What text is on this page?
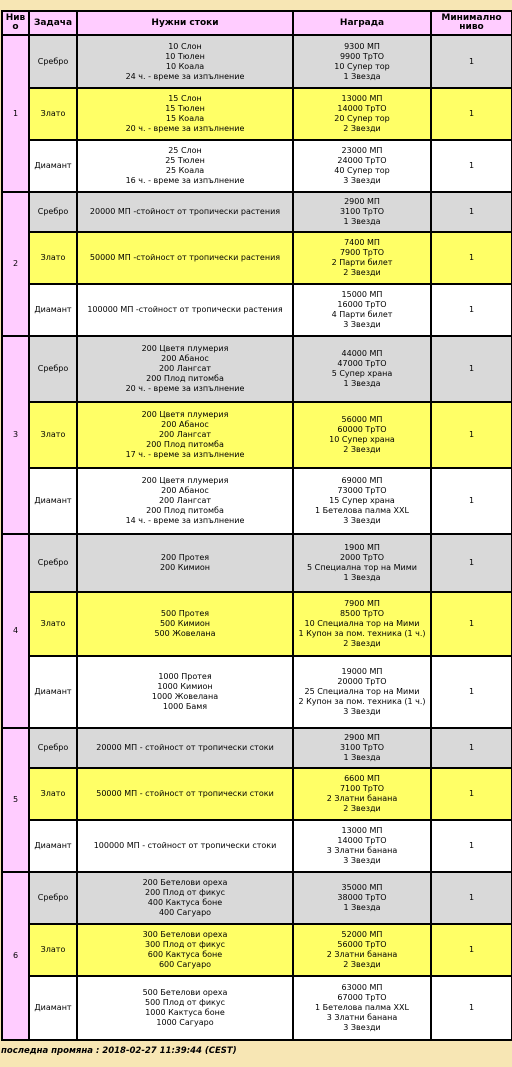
Ниво	Задача	Нужни стоки	Награда	Минимално ниво
1	Сребро	10 Слон
10 Тюлен
10 Коала
24 ч. - време за изпълнение	9300 МП
9900 ТрТО
10 Супер тор
1 Звезда	1
	Злато	15 Слон
15 Тюлен
15 Коала
20 ч. - време за изпълнение	13000 МП
14000 ТрТО
20 Супер тор
2 Звезди	1
	Диамант	25 Слон
25 Тюлен
25 Коала
16 ч. - време за изпълнение	23000 МП
24000 ТрТО
40 Супер тор
3 Звезди	1
2	Сребро	20000 МП -стойност от тропически растения	2900 МП
3100 ТрТО
1 Звезда	1
	Злато	50000 МП -стойност от тропически растения	7400 МП
7900 ТрТО
2 Парти билет
2 Звезди	1
	Диамант	100000 МП -стойност от тропически растения	15000 МП
16000 ТрТО
4 Парти билет
3 Звезди	1
3	Сребро	200 Цветя плумерия
200 Абанос
200 Лангсат
200 Плод питомба
20 ч. - време за изпълнение	44000 МП
47000 ТрТО
5 Супер храна
1 Звезда	1
	Злато	200 Цветя плумерия
200 Абанос
200 Лангсат
200 Плод питомба
17 ч. - време за изпълнение	56000 МП
60000 ТрТО
10 Супер храна
2 Звезди	1
	Диамант	200 Цветя плумерия
200 Абанос
200 Лангсат
200 Плод питомба
14 ч. - време за изпълнение	69000 МП
73000 ТрТО
15 Супер храна
1 Бетелова палма XXL
3 Звезди	1
4	Сребро	200 Протея
200 Кимион	1900 МП
2000 ТрТО
5 Специална тор на Мими
1 Звезда	1
	Злато	500 Протея
500 Кимион
500 Жовелана	7900 МП
8500 ТрТО
10 Специална тор на Мими
1 Купон за пом. техника (1 ч.)
2 Звезди	1
	Диамант	1000 Протея
1000 Кимион
1000 Жовелана
1000 Бамя	19000 МП
20000 ТрТО
25 Специална тор на Мими
2 Купон за пом. техника (1 ч.)
3 Звезди	1
5	Сребро	20000 МП - стойност от тропически стоки	2900 МП
3100 ТрТО
1 Звезда	1
	Злато	50000 МП - стойност от тропически стоки	6600 МП
7100 ТрТО
2 Златни банана
2 Звезди	1
	Диамант	100000 МП - стойност от тропически стоки	13000 МП
14000 ТрТО
3 Златни банана
3 Звезди	1
6	Сребро	200 Бетелови ореха
200 Плод от фикус
400 Кактуса боне
400 Сагуаро	35000 МП
38000 ТрТО
1 Звезда	1
	Злато	300 Бетелови ореха
300 Плод от фикус
600 Кактуса боне
600 Сагуаро	52000 МП
56000 ТрТО
2 Златни банана
2 Звезди	1
	Диамант	500 Бетелови ореха
500 Плод от фикус
1000 Кактуса боне
1000 Сагуаро	63000 МП
67000 ТрТО
1 Бетелова палма XXL
3 Златни банана
3 Звезди	1
последна промяна : 2018-02-27 11:39:44 (CEST)
